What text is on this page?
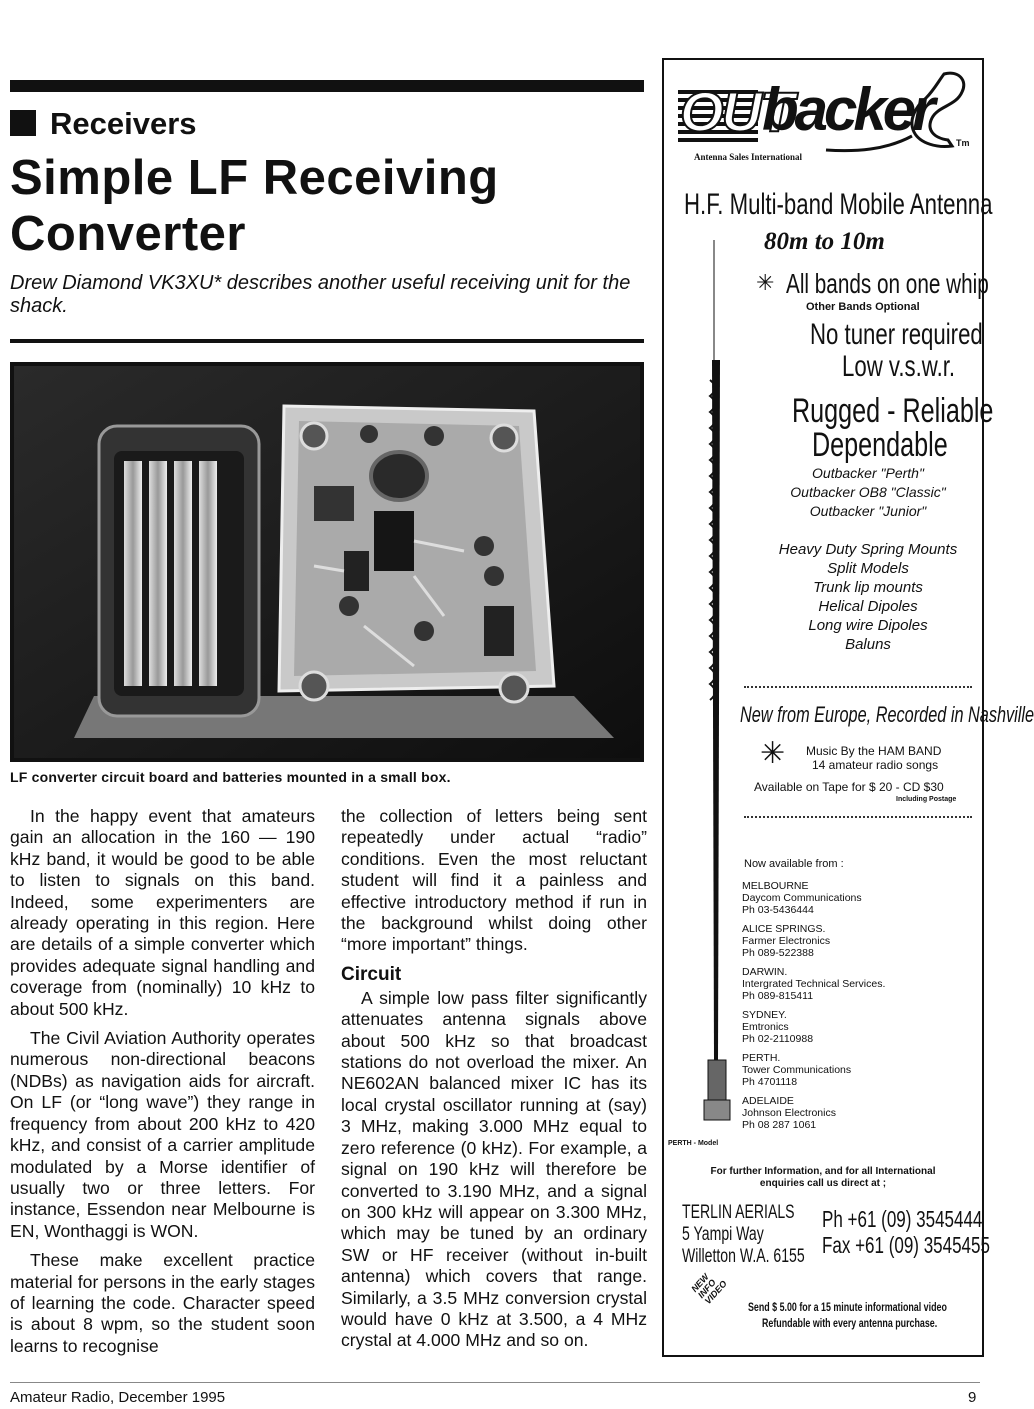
Receivers
Simple LF Receiving Converter
Drew Diamond VK3XU* describes another useful receiving unit for the shack.
LF converter circuit board and batteries mounted in a small box.

In the happy event that amateurs gain an allocation in the 160 — 190 kHz band, it would be good to be able to listen to signals on this band. Indeed, some experimenters are already operating in this region. Here are details of a simple converter which provides adequate signal handling and coverage from (nominally) 10 kHz to about 500 kHz.

The Civil Aviation Authority operates numerous non-directional beacons (NDBs) as navigation aids for aircraft. On LF (or “long wave”) they range in frequency from about 200 kHz to 420 kHz, and consist of a carrier amplitude modulated by a Morse identifier of usually two or three letters. For instance, Essendon near Melbourne is EN, Wonthaggi is WON.

These make excellent practice material for persons in the early stages of learning the code. Character speed is about 8 wpm, so the student soon learns to recognise

the collection of letters being sent repeatedly under actual “radio” conditions. Even the most reluctant student will find it a painless and effective introductory method if run in the background whilst doing other “more important” things.

Circuit

A simple low pass filter significantly attenuates antenna signals above about 500 kHz so that broadcast stations do not overload the mixer. An NE602AN balanced mixer IC has its local crystal oscillator running at (say) 3 MHz, making 3.000 MHz equal to zero reference (0 kHz). For example, a signal on 190 kHz will therefore be converted to 3.190 MHz, and a signal on 300 kHz will appear on 3.300 MHz, which may be tuned by an ordinary SW or HF receiver (without in-built antenna) which covers that range. Similarly, a 3.5 MHz conversion crystal would have 0 kHz at 3.500, a 4 MHz crystal at 4.000 MHz and so on.

Amateur Radio, December 1995	9
OUT
backer	Tm
Antenna Sales International
PERTH - Model
H.F. Multi-band Mobile Antenna
80m to 10m
✳ All bands on one whip
Other Bands Optional
No tuner required
Low v.s.w.r.
Rugged - Reliable
Dependable
Outbacker "Perth"
Outbacker OB8 "Classic"
Outbacker "Junior"
Heavy Duty Spring Mounts
Split Models
Trunk lip mounts
Helical Dipoles
Long wire Dipoles
Baluns
New from Europe, Recorded in Nashville
✳ Music By the HAM BAND
14 amateur radio songs
Available on Tape for $ 20 - CD $30
Including Postage
Now available from :
MELBOURNE
Daycom Communications
Ph 03-5436444
ALICE SPRINGS.
Farmer Electronics
Ph 089-522388
DARWIN.
Intergrated Technical Services.
Ph 089-815411
SYDNEY.
Emtronics
Ph 02-2110988
PERTH.
Tower Communications
Ph 4701118
ADELAIDE
Johnson Electronics
Ph 08 287 1061
For further Information, and for all International
enquiries call us direct at ;
TERLIN AERIALS
5 Yampi Way
Willetton W.A. 6155
Ph +61 (09) 3545444
Fax +61 (09) 3545455
NEW INFO VIDEO
Send $ 5.00 for a 15 minute informational video
Refundable with every antenna purchase.
